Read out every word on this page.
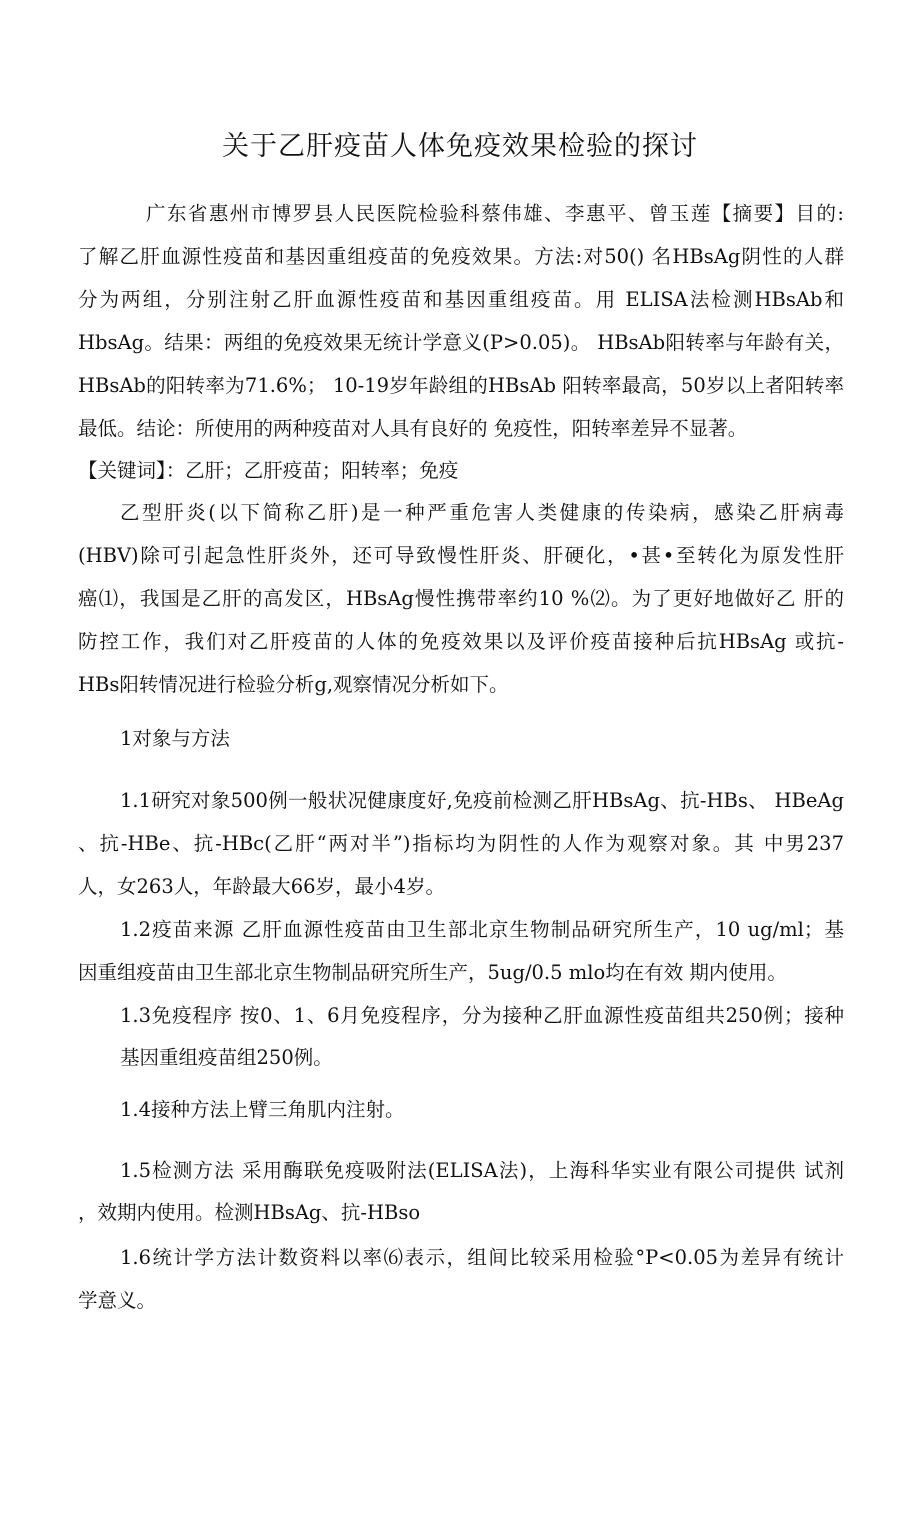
关于乙肝疫苗人体免疫效果检验的探讨

广东省惠州市博罗县人民医院检验科蔡伟雄、李惠平、曾玉莲【摘要】目的:

了解乙肝血源性疫苗和基因重组疫苗的免疫效果。方法:对50() 名HBsAg阴性的人群

分为两组，分别注射乙肝血源性疫苗和基因重组疫苗。用 ELISA法检测HBsAb和

HbsAg。结果：两组的免疫效果无统计学意义(P>0.05)。 HBsAb阳转率与年龄有关，

HBsAb的阳转率为71.6%； 10-19岁年龄组的HBsAb 阳转率最高，50岁以上者阳转率

最低。结论：所使用的两种疫苗对人具有良好的 免疫性，阳转率差异不显著。

【关键词】：乙肝；乙肝疫苗；阳转率；免疫

乙型肝炎(以下简称乙肝)是一种严重危害人类健康的传染病，感染乙肝病毒

(HBV)除可引起急性肝炎外，还可导致慢性肝炎、肝硬化，•甚•至转化为原发性肝

癌⑴，我国是乙肝的高发区，HBsAg慢性携带率约10 %⑵。为了更好地做好乙 肝的

防控工作，我们对乙肝疫苗的人体的免疫效果以及评价疫苗接种后抗HBsAg 或抗-

HBs阳转情况进行检验分析g,观察情况分析如下。

1对象与方法

1.1研究对象500例一般状况健康度好,免疫前检测乙肝HBsAg、抗-HBs、 HBeAg

、抗-HBe、抗-HBc(乙肝“两对半”)指标均为阴性的人作为观察对象。其 中男237

人，女263人，年龄最大66岁，最小4岁。

1.2疫苗来源 乙肝血源性疫苗由卫生部北京生物制品研究所生产，10 ug/ml；基

因重组疫苗由卫生部北京生物制品研究所生产，5ug/0.5 mlo均在有效 期内使用。

1.3免疫程序 按0、1、6月免疫程序，分为接种乙肝血源性疫苗组共250例；接种

基因重组疫苗组250例。

1.4接种方法上臂三角肌内注射。

1.5检测方法 采用酶联免疫吸附法(ELISA法)，上海科华实业有限公司提供 试剂

，效期内使用。检测HBsAg、抗-HBso

1.6统计学方法计数资料以率⑹表示，组间比较采用检验°P<0.05为差异有统计

学意义。
